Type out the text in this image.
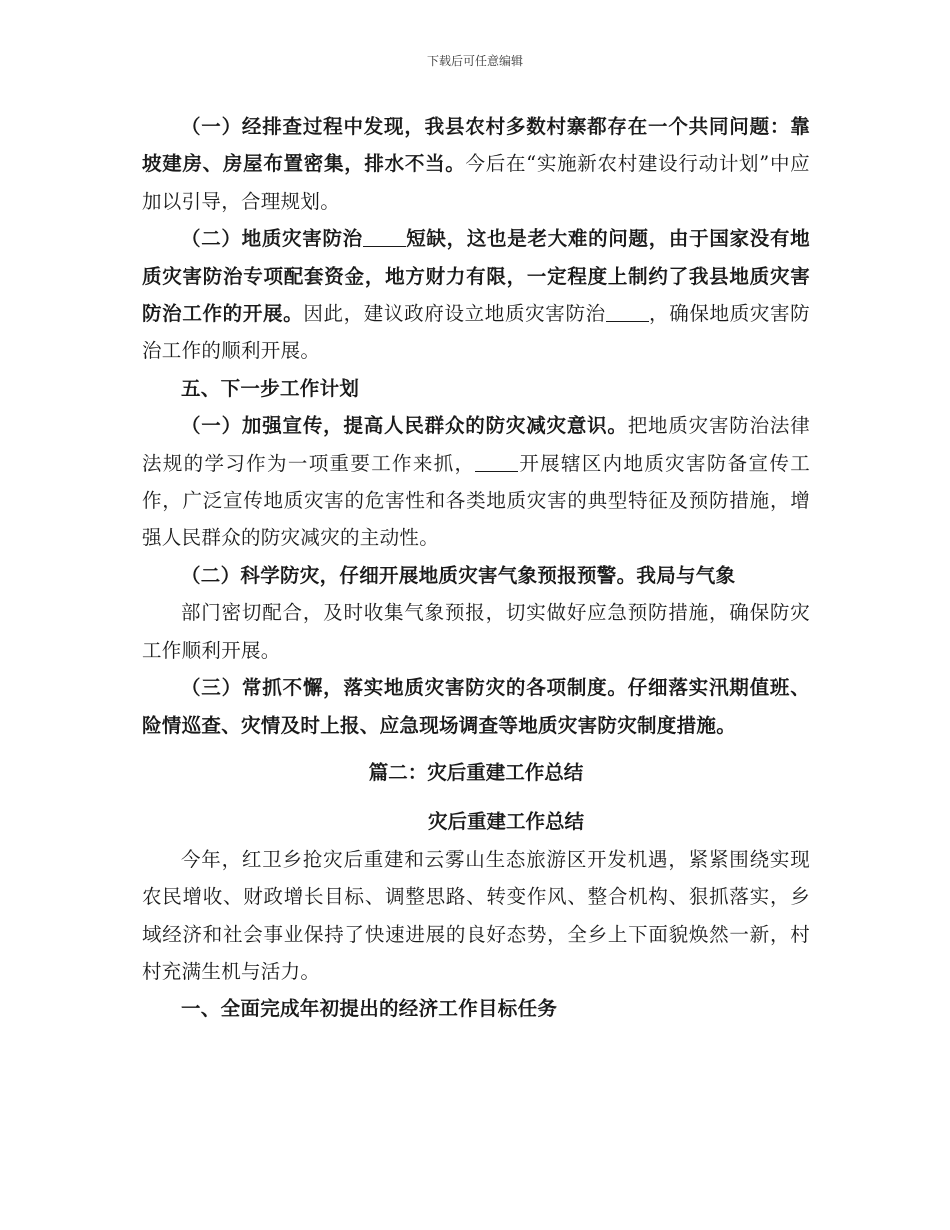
下载后可任意编辑

（一）经排查过程中发现，我县农村多数村寨都存在一个共同问题：靠坡建房、房屋布置密集，排水不当。今后在“实施新农村建设行动计划”中应加以引导，合理规划。

（二）地质灾害防治 短缺，这也是老大难的问题，由于国家没有地质灾害防治专项配套资金，地方财力有限，一定程度上制约了我县地质灾害防治工作的开展。因此，建议政府设立地质灾害防治 ，确保地质灾害防治工作的顺利开展。

五、下一步工作计划

（一）加强宣传，提高人民群众的防灾减灾意识。把地质灾害防治法律法规的学习作为一项重要工作来抓， 开展辖区内地质灾害防备宣传工作，广泛宣传地质灾害的危害性和各类地质灾害的典型特征及预防措施，增强人民群众的防灾减灾的主动性。

（二）科学防灾，仔细开展地质灾害气象预报预警。我局与气象

部门密切配合，及时收集气象预报，切实做好应急预防措施，确保防灾工作顺利开展。

（三）常抓不懈，落实地质灾害防灾的各项制度。仔细落实汛期值班、险情巡查、灾情及时上报、应急现场调查等地质灾害防灾制度措施。

篇二：灾后重建工作总结

灾后重建工作总结

今年，红卫乡抢灾后重建和云雾山生态旅游区开发机遇，紧紧围绕实现农民增收、财政增长目标、调整思路、转变作风、整合机构、狠抓落实，乡域经济和社会事业保持了快速进展的良好态势，全乡上下面貌焕然一新，村村充满生机与活力。

一、全面完成年初提出的经济工作目标任务
